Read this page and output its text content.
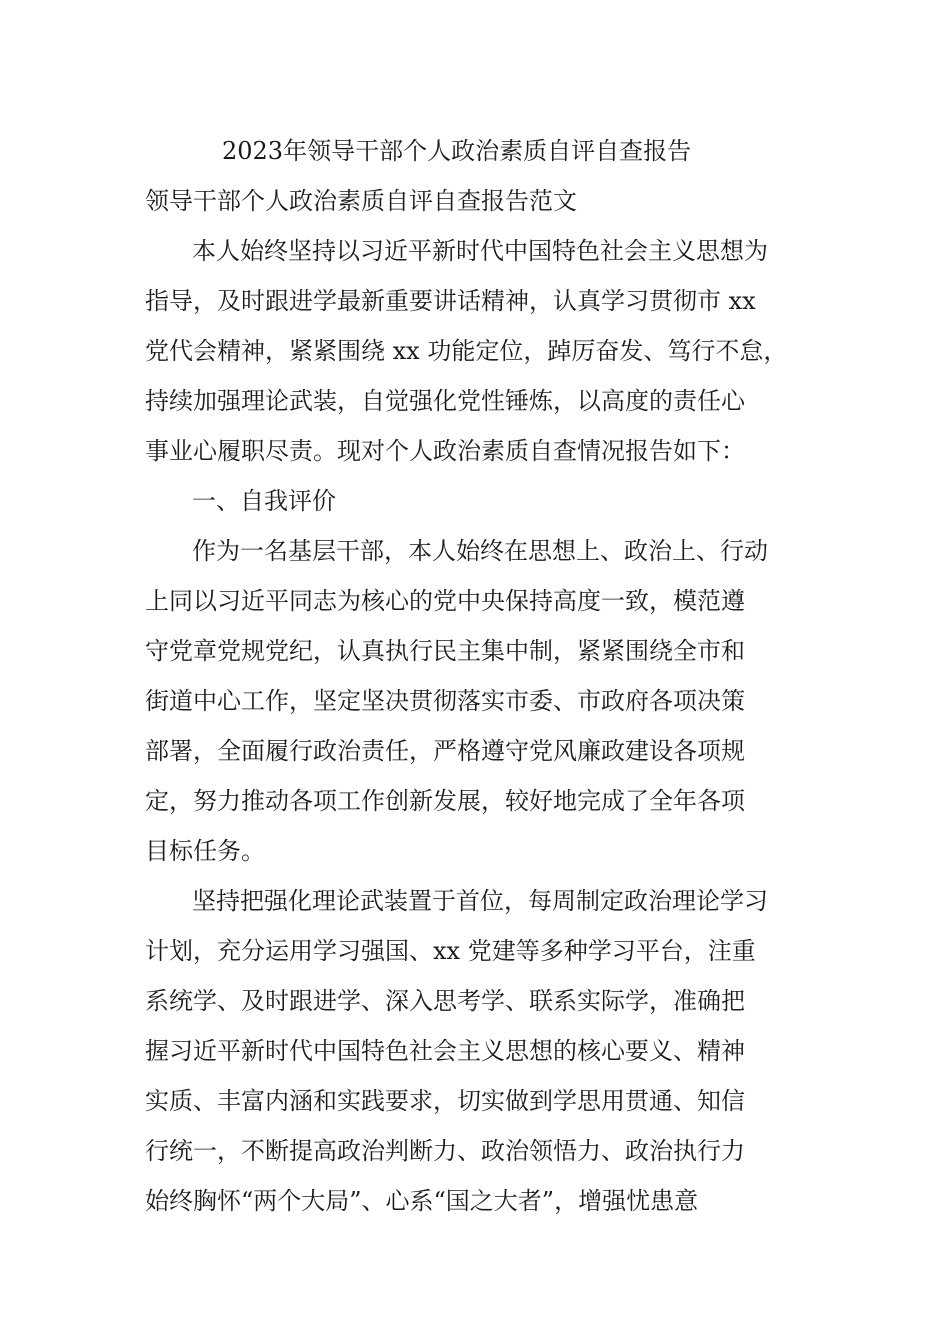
2023年领导干部个人政治素质自评自查报告

领导干部个人政治素质自评自查报告范文

本人始终坚持以习近平新时代中国特色社会主义思想为

指导，及时跟进学最新重要讲话精神，认真学习贯彻市 xx

党代会精神，紧紧围绕 xx 功能定位，踔厉奋发、笃行不怠，

持续加强理论武装，自觉强化党性锤炼，以高度的责任心

事业心履职尽责。现对个人政治素质自查情况报告如下：

一、自我评价

作为一名基层干部，本人始终在思想上、政治上、行动

上同以习近平同志为核心的党中央保持高度一致，模范遵

守党章党规党纪，认真执行民主集中制，紧紧围绕全市和

街道中心工作，坚定坚决贯彻落实市委、市政府各项决策

部署，全面履行政治责任，严格遵守党风廉政建设各项规

定，努力推动各项工作创新发展，较好地完成了全年各项

目标任务。

坚持把强化理论武装置于首位，每周制定政治理论学习

计划，充分运用学习强国、xx 党建等多种学习平台，注重

系统学、及时跟进学、深入思考学、联系实际学，准确把

握习近平新时代中国特色社会主义思想的核心要义、精神

实质、丰富内涵和实践要求，切实做到学思用贯通、知信

行统一，不断提高政治判断力、政治领悟力、政治执行力

始终胸怀“两个大局”、心系“国之大者”，增强忧患意
